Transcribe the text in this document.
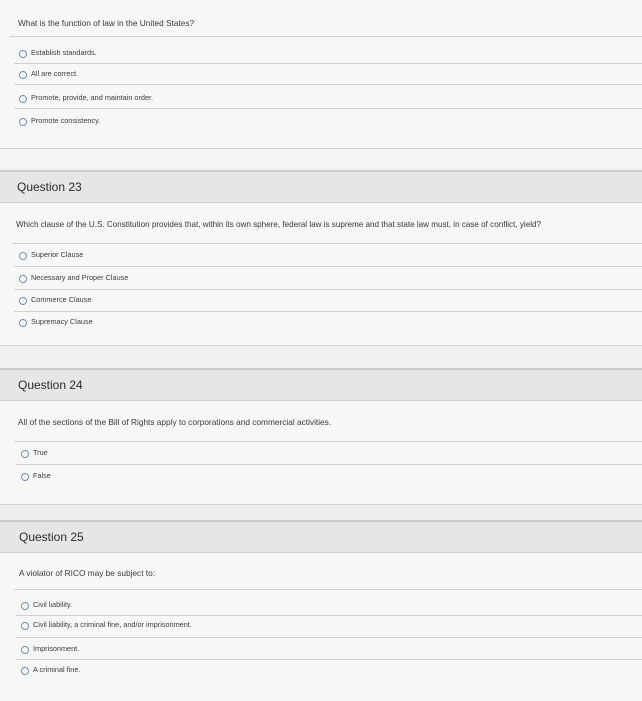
What is the function of law in the United States?
Establish standards.
All are correct.
Promote, provide, and maintain order.
Promote consistency.
Question 23
Which clause of the U.S. Constitution provides that, within its own sphere, federal law is supreme and that state law must, in case of conflict, yield?
Superior Clause
Necessary and Proper Clause
Commerce Clause
Supremacy Clause
Question 24
All of the sections of the Bill of Rights apply to corporations and commercial activities.
True
False
Question 25
A violator of RICO may be subject to:
Civil liability.
Civil liability, a criminal fine, and/or imprisonment.
Imprisonment.
A criminal fine.
